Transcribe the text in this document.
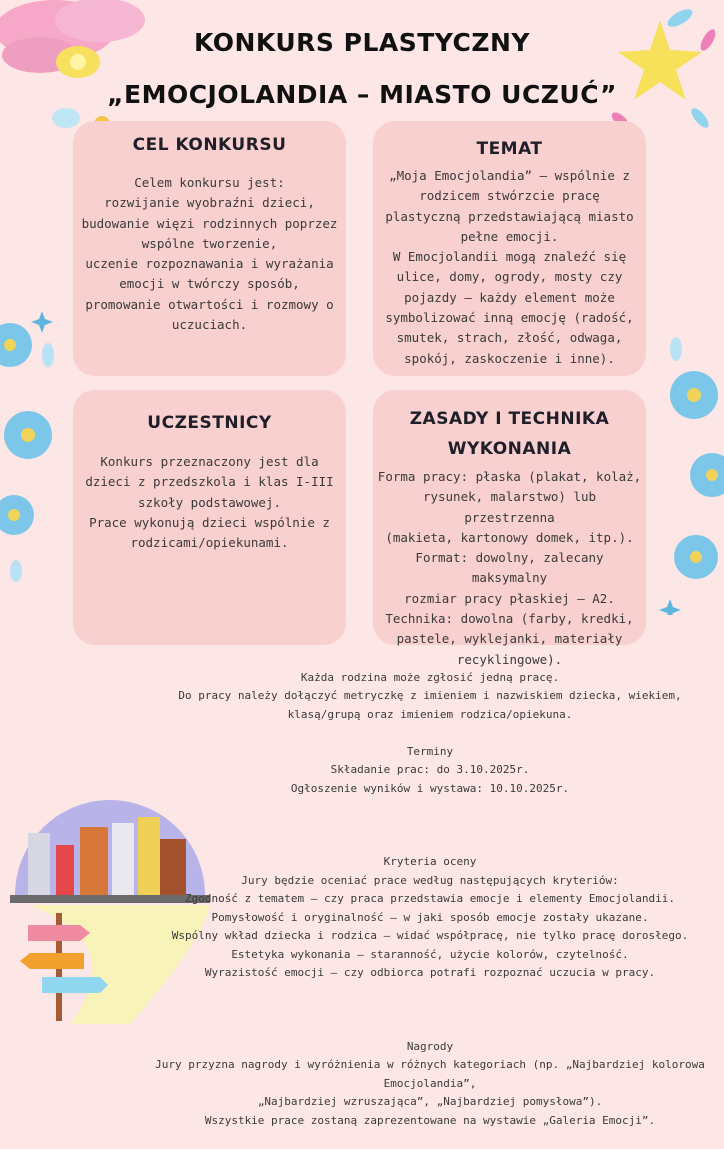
KONKURS PLASTYCZNY
„EMOCJOLANDIA – MIASTO UCZUĆ”
CEL KONKURSU
Celem konkursu jest:
rozwijanie wyobraźni dzieci,
budowanie więzi rodzinnych poprzez
wspólne tworzenie,
uczenie rozpoznawania i wyrażania
emocji w twórczy sposób,
promowanie otwartości i rozmowy o
uczuciach.
TEMAT
„Moja Emocjolandia” – wspólnie z
rodzicem stwórzcie pracę
plastyczną przedstawiającą miasto
pełne emocji.
W Emocjolandii mogą znaleźć się
ulice, domy, ogrody, mosty czy
pojazdy – każdy element może
symbolizować inną emocję (radość,
smutek, strach, złość, odwaga,
spokój, zaskoczenie i inne).
UCZESTNICY
Konkurs przeznaczony jest dla
dzieci z przedszkola i klas I-III
szkoły podstawowej.
Prace wykonują dzieci wspólnie z
rodzicami/opiekunami.
ZASADY I TECHNIKA
WYKONANIA
Forma pracy: płaska (plakat, kolaż,
rysunek, malarstwo) lub przestrzenna
(makieta, kartonowy domek, itp.).
Format: dowolny, zalecany maksymalny
rozmiar pracy płaskiej – A2.
Technika: dowolna (farby, kredki,
pastele, wyklejanki, materiały
recyklingowe).

Każda rodzina może zgłosić jedną pracę.
Do pracy należy dołączyć metryczkę z imieniem i nazwiskiem dziecka, wiekiem,
klasą/grupą oraz imieniem rodzica/opiekuna.

Terminy
Składanie prac: do 3.10.2025r.
Ogłoszenie wyników i wystawa: 10.10.2025r.

Kryteria oceny
Jury będzie oceniać prace według następujących kryteriów:
Zgodność z tematem – czy praca przedstawia emocje i elementy Emocjolandii.
Pomysłowość i oryginalność – w jaki sposób emocje zostały ukazane.
Wspólny wkład dziecka i rodzica – widać współpracę, nie tylko pracę dorosłego.
Estetyka wykonania – staranność, użycie kolorów, czytelność.
Wyrazistość emocji – czy odbiorca potrafi rozpoznać uczucia w pracy.

Nagrody
Jury przyzna nagrody i wyróżnienia w różnych kategoriach (np. „Najbardziej kolorowa
Emocjolandia”,
„Najbardziej wzruszająca”, „Najbardziej pomysłowa”).
Wszystkie prace zostaną zaprezentowane na wystawie „Galeria Emocji”.
